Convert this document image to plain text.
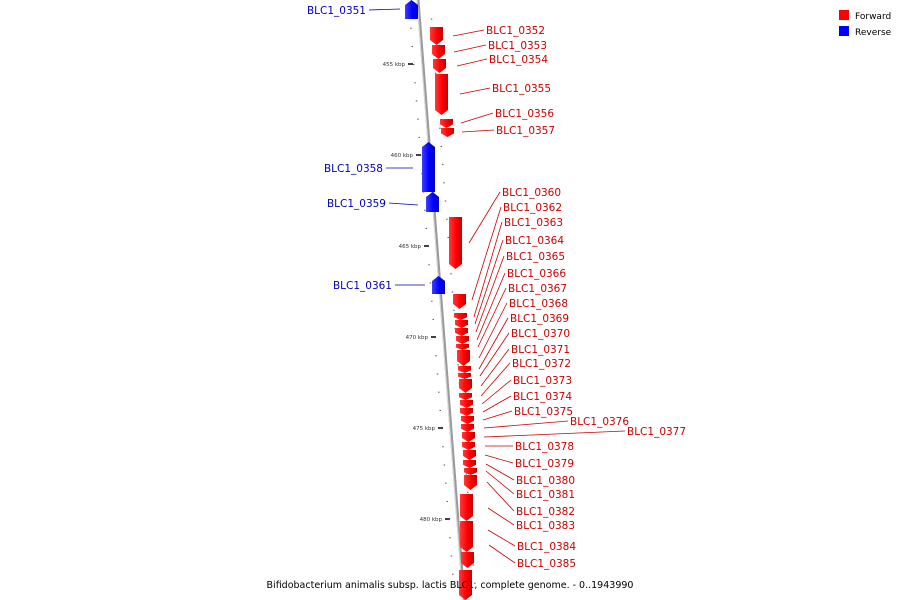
455 kbp
460 kbp
465 kbp
470 kbp
475 kbp
480 kbp
BLC1_0351
BLC1_0358
BLC1_0359
BLC1_0361
BLC1_0352
BLC1_0353
BLC1_0354
BLC1_0355
BLC1_0356
BLC1_0357
BLC1_0360
BLC1_0362
BLC1_0363
BLC1_0364
BLC1_0365
BLC1_0366
BLC1_0367
BLC1_0368
BLC1_0369
BLC1_0370
BLC1_0371
BLC1_0372
BLC1_0373
BLC1_0374
BLC1_0375
BLC1_0376
BLC1_0377
BLC1_0378
BLC1_0379
BLC1_0380
BLC1_0381
BLC1_0382
BLC1_0383
BLC1_0384
BLC1_0385
Forward
Reverse
Bifidobacterium animalis subsp. lactis BLC1, complete genome. - 0..1943990
